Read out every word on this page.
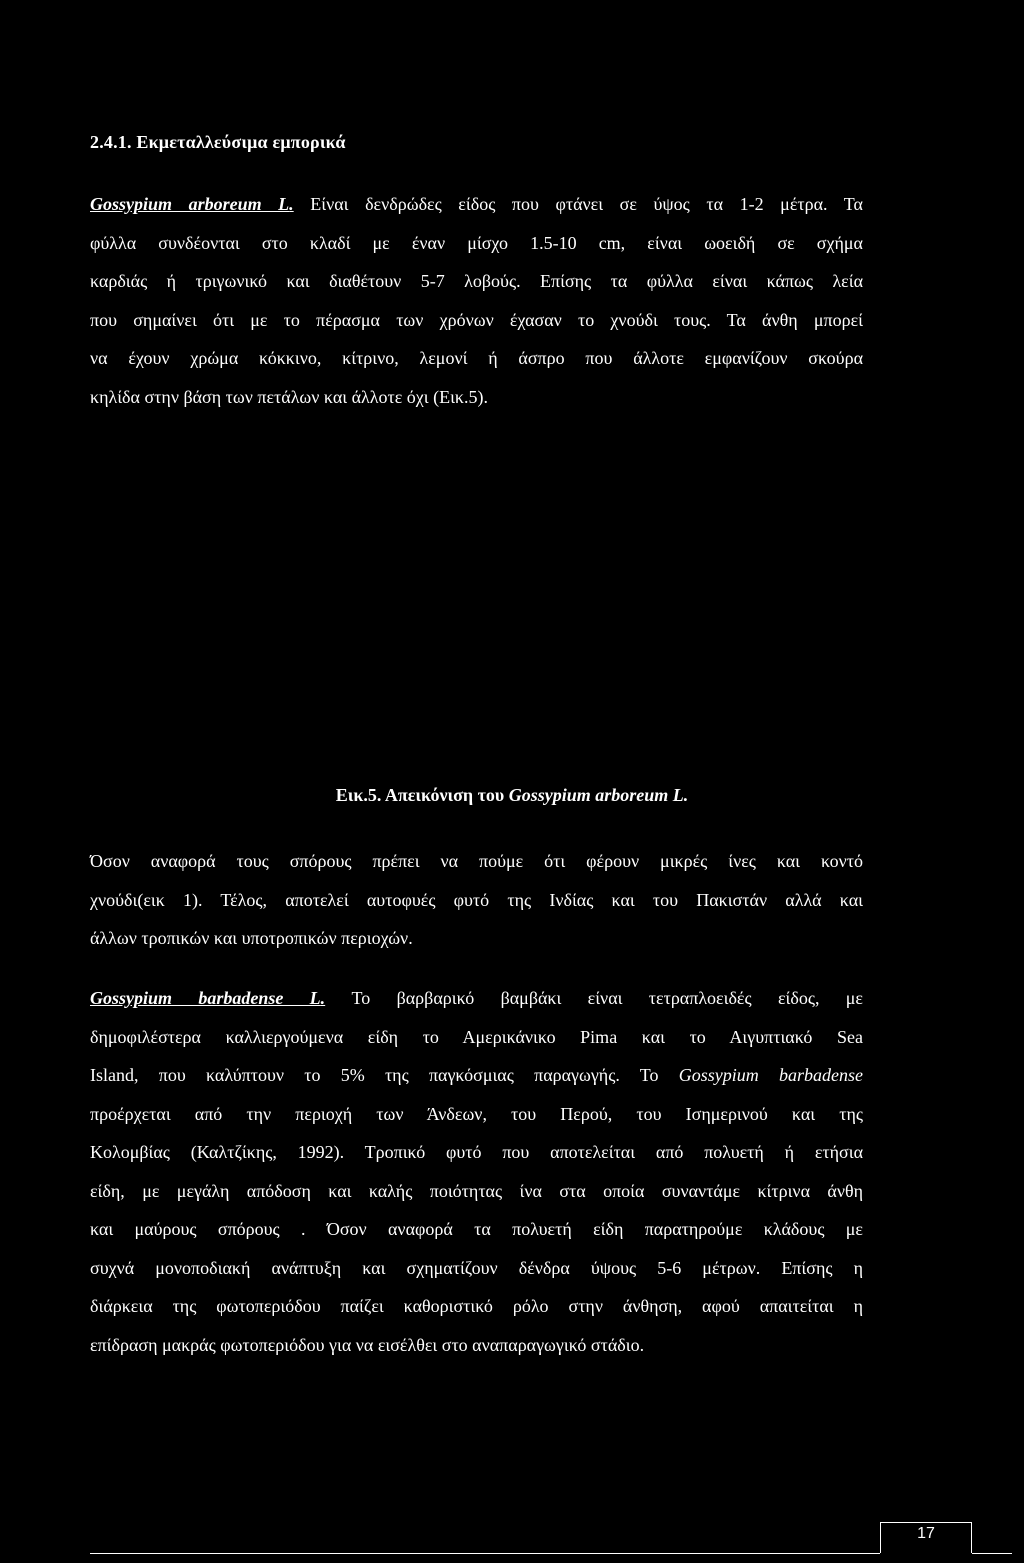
2.4.1. Εκμεταλλεύσιμα εμπορικά
Gossypium arboreum L. Είναι δενδρώδες είδος που φτάνει σε ύψος τα 1-2 μέτρα. Τα
φύλλα συνδέονται στο κλαδί με έναν μίσχο 1.5-10 cm, είναι ωοειδή σε σχήμα
καρδιάς ή τριγωνικό και διαθέτουν 5-7 λοβούς. Επίσης τα φύλλα είναι κάπως λεία
που σημαίνει ότι με το πέρασμα των χρόνων έχασαν το χνούδι τους. Τα άνθη μπορεί
να έχουν χρώμα κόκκινο, κίτρινο, λεμονί ή άσπρο που άλλοτε εμφανίζουν σκούρα
κηλίδα στην βάση των πετάλων και άλλοτε όχι (Εικ.5).
Εικ.5. Απεικόνιση του Gossypium arboreum L.
Όσον αναφορά τους σπόρους πρέπει να πούμε ότι φέρουν μικρές ίνες και κοντό
χνούδι(εικ 1). Τέλος, αποτελεί αυτοφυές φυτό της Ινδίας και του Πακιστάν αλλά και
άλλων τροπικών και υποτροπικών περιοχών.
Gossypium barbadense L. Το βαρβαρικό βαμβάκι είναι τετραπλοειδές είδος, με
δημοφιλέστερα καλλιεργούμενα είδη το Αμερικάνικο Pima και το Αιγυπτιακό Sea
Island, που καλύπτουν το 5% της παγκόσμιας παραγωγής. Το Gossypium barbadense
προέρχεται από την περιοχή των Άνδεων, του Περού, του Ισημερινού και της
Κολομβίας (Καλτζίκης, 1992). Τροπικό φυτό που αποτελείται από πολυετή ή ετήσια
είδη, με μεγάλη απόδοση και καλής ποιότητας ίνα στα οποία συναντάμε κίτρινα άνθη
και μαύρους σπόρους . Όσον αναφορά τα πολυετή είδη παρατηρούμε κλάδους με
συχνά μονοποδιακή ανάπτυξη και σχηματίζουν δένδρα ύψους 5-6 μέτρων. Επίσης η
διάρκεια της φωτοπεριόδου παίζει καθοριστικό ρόλο στην άνθηση, αφού απαιτείται η
επίδραση μακράς φωτοπεριόδου για να εισέλθει στο αναπαραγωγικό στάδιο.
17
